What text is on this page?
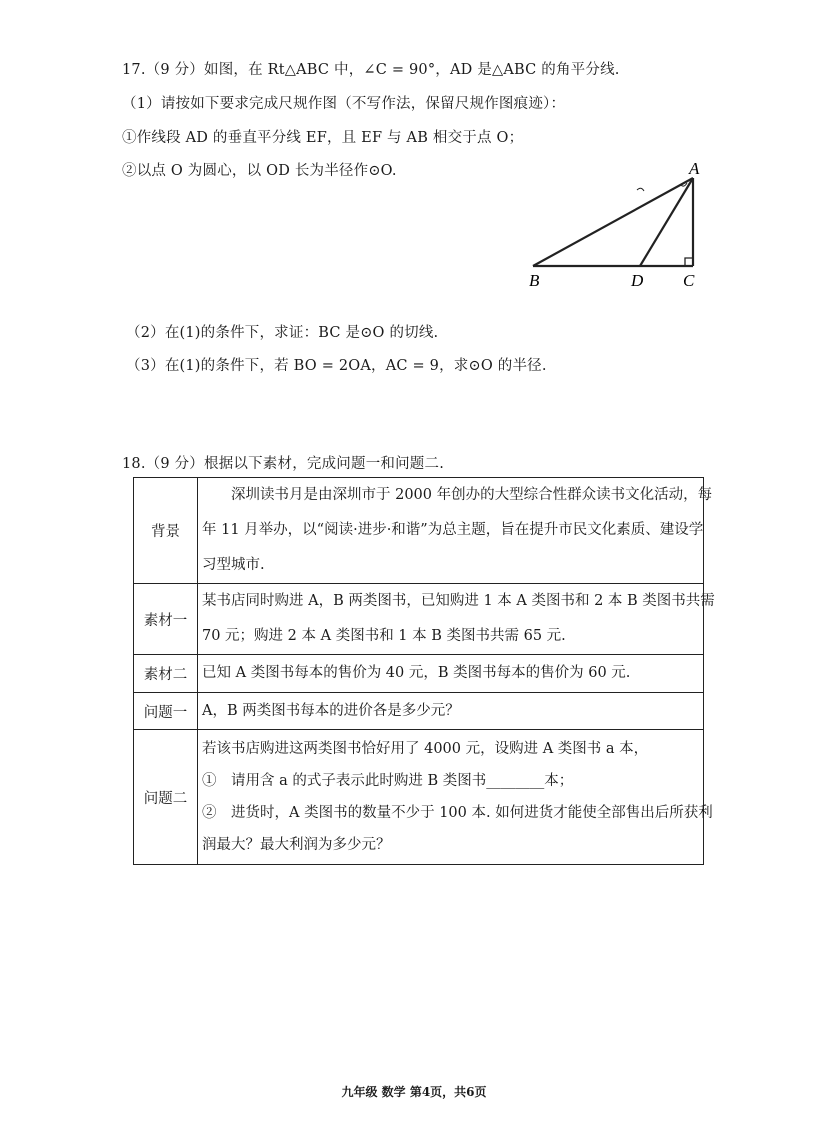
17.（9 分）如图，在 Rt△ABC 中，∠C = 90°，AD 是△ABC 的角平分线.
（1）请按如下要求完成尺规作图（不写作法，保留尺规作图痕迹）：
①作线段 AD 的垂直平分线 EF，且 EF 与 AB 相交于点 O；
②以点 O 为圆心，以 OD 长为半径作⊙O.	A
B	D C
（2）在(1)的条件下，求证：BC 是⊙O 的切线.
（3）在(1)的条件下，若 BO = 2OA，AC = 9，求⊙O 的半径.
18.（9 分）根据以下素材，完成问题一和问题二.
背景	　　深圳读书月是由深圳市于 2000 年创办的大型综合性群众读书文化活动，每
年 11 月举办，以“阅读·进步·和谐”为总主题，旨在提升市民文化素质、建设学
习型城市.

素材一	某书店同时购进 A，B 两类图书，已知购进 1 本 A 类图书和 2 本 B 类图书共需
70 元；购进 2 本 A 类图书和 1 本 B 类图书共需 65 元.

素材二	已知 A 类图书每本的售价为 40 元，B 类图书每本的售价为 60 元.

问题一	A，B 两类图书每本的进价各是多少元？

问题二	若该书店购进这两类图书恰好用了 4000 元，设购进 A 类图书 a 本，
①　请用含 a 的式子表示此时购进 B 类图书________本；
②　进货时，A 类图书的数量不少于 100 本. 如何进货才能使全部售出后所获利
润最大？最大利润为多少元？
九年级 数学 第4页，共6页
